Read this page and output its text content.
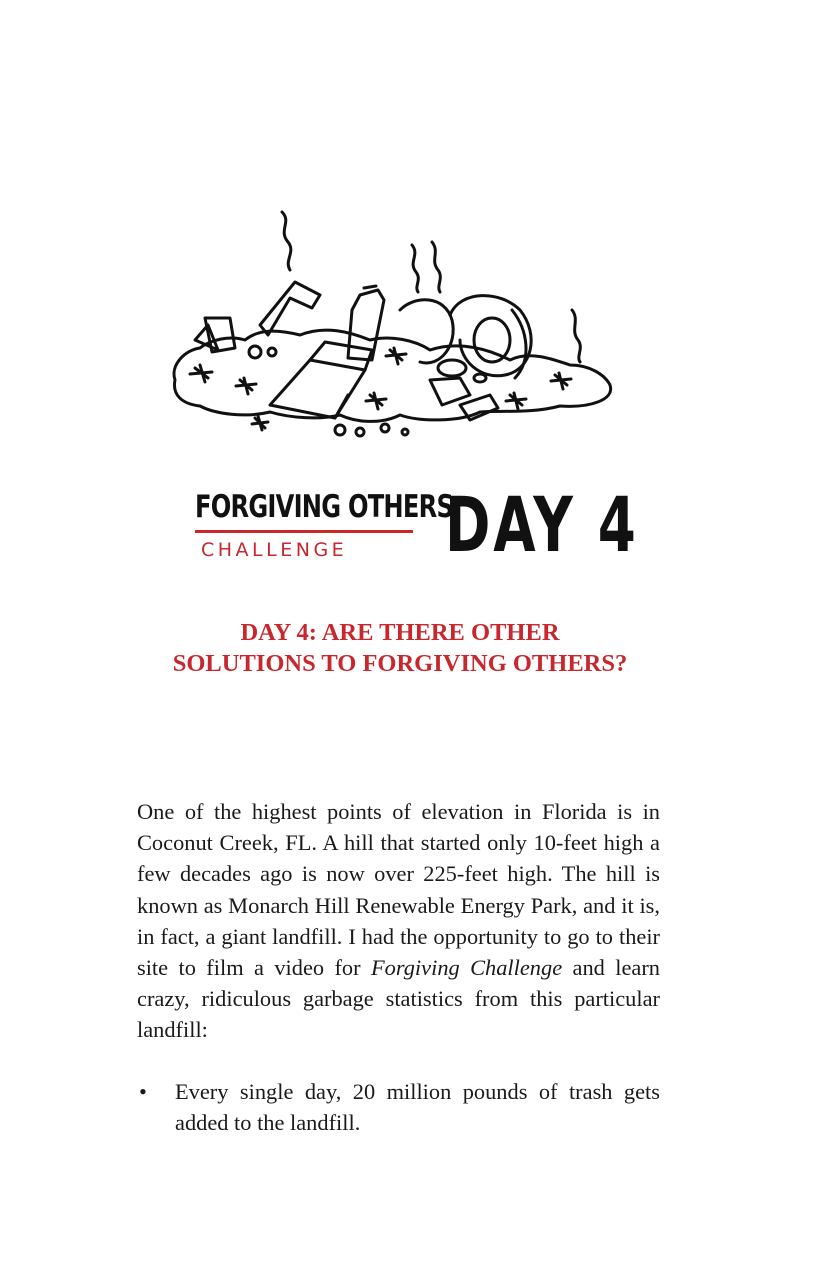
FORGIVING OTHERS
CHALLENGE	DAY 4
DAY 4: ARE THERE OTHER
SOLUTIONS TO FORGIVING OTHERS?

One of the highest points of elevation in Florida is in Coconut Creek, FL. A hill that started only 10-feet high a few decades ago is now over 225-feet high. The hill is known as Monarch Hill Renewable Energy Park, and it is, in fact, a giant landfill. I had the opportunity to go to their site to film a video for Forgiving Challenge and learn crazy, ridiculous garbage statistics from this particular landfill:

• Every single day, 20 million pounds of trash gets added to the landfill.
